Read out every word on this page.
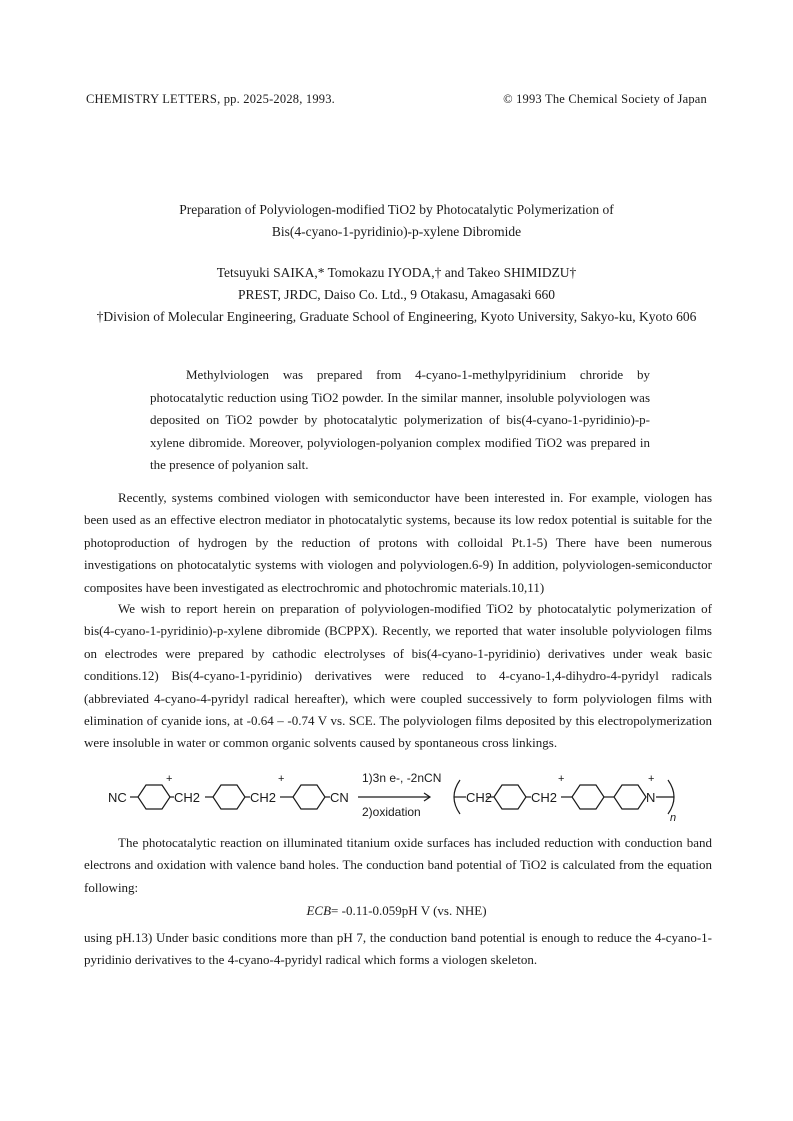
CHEMISTRY LETTERS, pp. 2025-2028, 1993.	© 1993 The Chemical Society of Japan
Preparation of Polyviologen-modified TiO2 by Photocatalytic Polymerization of
Bis(4-cyano-1-pyridinio)-p-xylene Dibromide
Tetsuyuki SAIKA,* Tomokazu IYODA,† and Takeo SHIMIDZU†
PREST, JRDC, Daiso Co. Ltd., 9 Otakasu, Amagasaki 660
†Division of Molecular Engineering, Graduate School of Engineering, Kyoto University, Sakyo-ku, Kyoto 606
Methylviologen was prepared from 4-cyano-1-methylpyridinium chroride by photocatalytic reduction using TiO2 powder. In the similar manner, insoluble polyviologen was deposited on TiO2 powder by photocatalytic polymerization of bis(4-cyano-1-pyridinio)-p-xylene dibromide. Moreover, polyviologen-polyanion complex modified TiO2 was prepared in the presence of polyanion salt.
Recently, systems combined viologen with semiconductor have been interested in. For example, viologen has been used as an effective electron mediator in photocatalytic systems, because its low redox potential is suitable for the photoproduction of hydrogen by the reduction of protons with colloidal Pt.1-5) There have been numerous investigations on photocatalytic systems with viologen and polyviologen.6-9) In addition, polyviologen-semiconductor composites have been investigated as electrochromic and photochromic materials.10,11)
We wish to report herein on preparation of polyviologen-modified TiO2 by photocatalytic polymerization of bis(4-cyano-1-pyridinio)-p-xylene dibromide (BCPPX). Recently, we reported that water insoluble polyviologen films on electrodes were prepared by cathodic electrolyses of bis(4-cyano-1-pyridinio) derivatives under weak basic conditions.12) Bis(4-cyano-1-pyridinio) derivatives were reduced to 4-cyano-1,4-dihydro-4-pyridyl radicals (abbreviated 4-cyano-4-pyridyl radical hereafter), which were coupled successively to form polyviologen films with elimination of cyanide ions, at -0.64 – -0.74 V vs. SCE. The polyviologen films deposited by this electropolymerization were insoluble in water or common organic solvents caused by spontaneous cross linkings.
NC
+
CH2	CH2
+
CN
1)3n e-, -2nCN
2)oxidation
CH2	CH2
+
N
+
n
The photocatalytic reaction on illuminated titanium oxide surfaces has included reduction with conduction band electrons and oxidation with valence band holes. The conduction band potential of TiO2 is calculated from the equation following:
ECB= -0.11-0.059pH V (vs. NHE)
using pH.13) Under basic conditions more than pH 7, the conduction band potential is enough to reduce the 4-cyano-1-pyridinio derivatives to the 4-cyano-4-pyridyl radical which forms a viologen skeleton.
